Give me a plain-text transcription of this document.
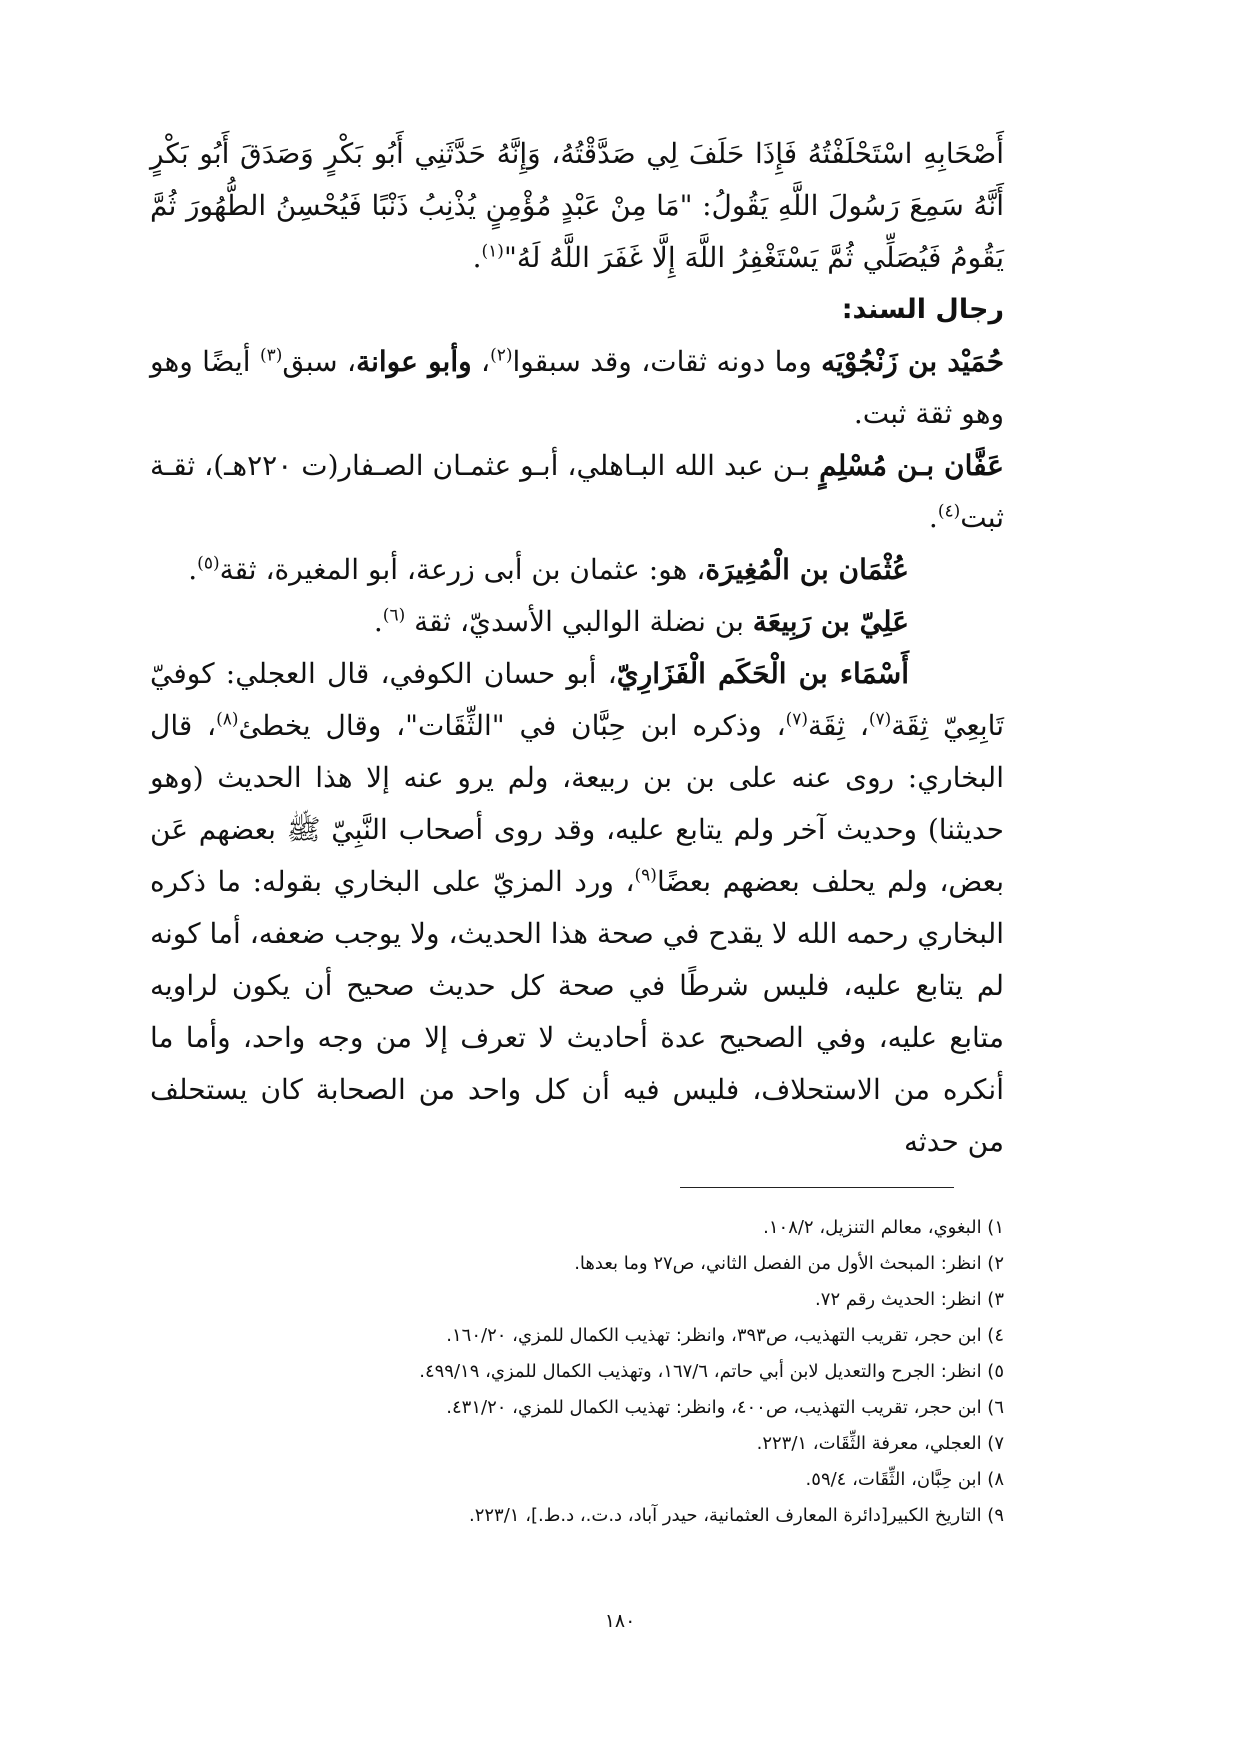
أَصْحَابِهِ اسْتَحْلَفْتُهُ فَإِذَا حَلَفَ لِي صَدَّقْتُهُ، وَإِنَّهُ حَدَّثَنِي أَبُو بَكْرٍ وَصَدَقَ أَبُو بَكْرٍ أَنَّهُ سَمِعَ رَسُولَ اللَّهِ يَقُولُ: "مَا مِنْ عَبْدٍ مُؤْمِنٍ يُذْنِبُ ذَنْبًا فَيُحْسِنُ الطُّهُورَ ثُمَّ يَقُومُ فَيُصَلِّي ثُمَّ يَسْتَغْفِرُ اللَّهَ إِلَّا غَفَرَ اللَّهُ لَهُ"$^{(١)}$.

رجال السند:

حُمَيْد بن زَنْجُوْيَه وما دونه ثقات، وقد سبقوا$^{(٢)}$، وأبو عوانة، سبق$^{(٣)}$ أيضًا وهو وهو ثقة ثبت.

عَفَّان بـن مُسْلِمٍ بـن عبد الله البـاهلي، أبـو عثمـان الصـفار(ت ٢٢٠هـ)، ثقـة ثبت$^{(٤)}$.

عُثْمَان بن الْمُغِيرَة، هو: عثمان بن أبى زرعة، أبو المغيرة، ثقة$^{(٥)}$.

عَلِيّ بن رَبِيعَة بن نضلة الوالبي الأسديّ، ثقة $^{(٦)}$.

أَسْمَاء بن الْحَكَم الْفَزَارِيّ، أبو حسان الكوفي، قال العجلي: كوفيّ تَابِعِيّ ثِقَة$^{(٧)}$، ثِقَة$^{(٧)}$، وذكره ابن حِبَّان في "الثِّقَات"، وقال يخطئ$^{(٨)}$، قال البخاري: روى عنه على بن بن ربيعة، ولم يرو عنه إلا هذا الحديث (وهو حديثنا) وحديث آخر ولم يتابع عليه، وقد روى أصحاب النَّبِيّ ﷺ بعضهم عَن بعض، ولم يحلف بعضهم بعضًا$^{(٩)}$، ورد المزيّ على البخاري بقوله: ما ذكره البخاري رحمه الله لا يقدح في صحة هذا الحديث، ولا يوجب ضعفه، أما كونه لم يتابع عليه، فليس شرطًا في صحة كل حديث صحيح أن يكون لراويه متابع عليه، وفي الصحيح عدة أحاديث لا تعرف إلا من وجه واحد، وأما ما أنكره من الاستحلاف، فليس فيه أن كل واحد من الصحابة كان يستحلف من حدثه

١) البغوي، معالم التنزيل، ١٠٨/٢.
٢) انظر: المبحث الأول من الفصل الثاني، ص٢٧ وما بعدها.
٣) انظر: الحديث رقم ٧٢.
٤) ابن حجر، تقريب التهذيب، ص٣٩٣، وانظر: تهذيب الكمال للمزي، ١٦٠/٢٠.
٥) انظر: الجرح والتعديل لابن أبي حاتم، ١٦٧/٦، وتهذيب الكمال للمزي، ٤٩٩/١٩.
٦) ابن حجر، تقريب التهذيب، ص٤٠٠، وانظر: تهذيب الكمال للمزي، ٤٣١/٢٠.
٧) العجلي، معرفة الثِّقَات، ٢٢٣/١.
٨) ابن حِبَّان، الثِّقَات، ٥٩/٤.
٩) التاريخ الكبير[دائرة المعارف العثمانية، حيدر آباد، د.ت.، د.ط.]، ٢٢٣/١.
١٨٠
